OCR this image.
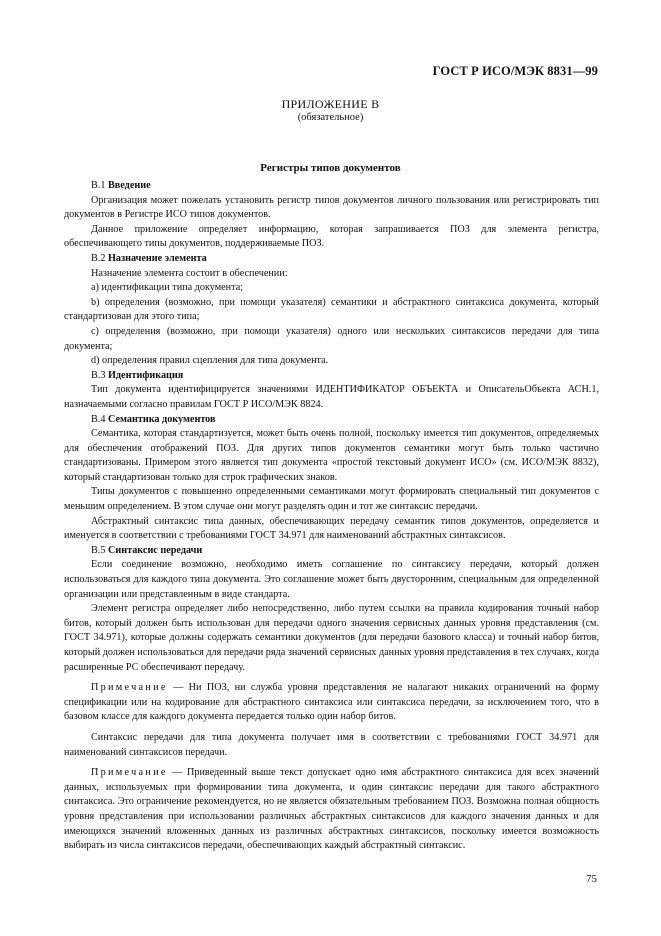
ГОСТ Р ИСО/МЭК 8831—99
ПРИЛОЖЕНИЕ В
(обязательное)
Регистры типов документов

В.1 Введение

Организация может пожелать установить регистр типов документов личного пользования или регистрировать тип документов в Регистре ИСО типов документов.

Данное приложение определяет информацию, которая запрашивается ПОЗ для элемента регистра, обеспечивающего типы документов, поддерживаемые ПОЗ.

В.2 Назначение элемента

Назначение элемента состоит в обеспечении:

а) идентификации типа документа;

b) определения (возможно, при помощи указателя) семантики и абстрактного синтаксиса документа, который стандартизован для этого типа;

с) определения (возможно, при помощи указателя) одного или нескольких синтаксисов передачи для типа документа;

d) определения правил сцепления для типа документа.

В.3 Идентификация

Тип документа идентифицируется значениями ИДЕНТИФИКАТОР ОБЪЕКТА и ОписательОбъекта АСН.1, назначаемыми согласно правилам ГОСТ Р ИСО/МЭК 8824.

В.4 Семантика документов

Семантика, которая стандартизуется, может быть очень полной, поскольку имеется тип документов, определяемых для обеспечения отображений ПОЗ. Для других типов документов семантики могут быть только частично стандартизованы. Примером этого является тип документа «простой текстовый документ ИСО» (см. ИСО/МЭК 8832), который стандартизован только для строк графических знаков.

Типы документов с повышенно определенными семантиками могут формировать специальный тип документов с меньшим определением. В этом случае они могут разделять один и тот же синтаксис передачи.

Абстрактный синтаксис типа данных, обеспечивающих передачу семантик типов документов, определяется и именуется в соответствии с требованиями ГОСТ 34.971 для наименований абстрактных синтаксисов.

В.5 Синтаксис передачи

Если соединение возможно, необходимо иметь соглашение по синтаксису передачи, который должен использоваться для каждого типа документа. Это соглашение может быть двусторонним, специальным для определенной организации или представленным в виде стандарта.

Элемент регистра определяет либо непосредственно, либо путем ссылки на правила кодирования точный набор битов, который должен быть использован для передачи одного значения сервисных данных уровня представления (см. ГОСТ 34.971), которые должны содержать семантики документов (для передачи базового класса) и точный набор битов, который должен использоваться для передачи ряда значений сервисных данных уровня представления в тех случаях, когда расширенные РС обеспечивают передачу.

Примечание — Ни ПОЗ, ни служба уровня представления не налагают никаких ограничений на форму спецификации или на кодирование для абстрактного синтаксиса или синтаксиса передачи, за исключением того, что в базовом классе для каждого документа передается только один набор битов.

Синтаксис передачи для типа документа получает имя в соответствии с требованиями ГОСТ 34.971 для наименований синтаксисов передачи.

Примечание — Приведенный выше текст допускает одно имя абстрактного синтаксиса для всех значений данных, используемых при формировании типа документа, и один синтаксис передачи для такого абстрактного синтаксиса. Это ограничение рекомендуется, но не является обязательным требованием ПОЗ. Возможна полная общность уровня представления при использовании различных абстрактных синтаксисов для каждого значения данных и для имеющихся значений вложенных данных из различных абстрактных синтаксисов, поскольку имеется возможность выбирать из числа синтаксисов передачи, обеспечивающих каждый абстрактный синтаксис.

75
